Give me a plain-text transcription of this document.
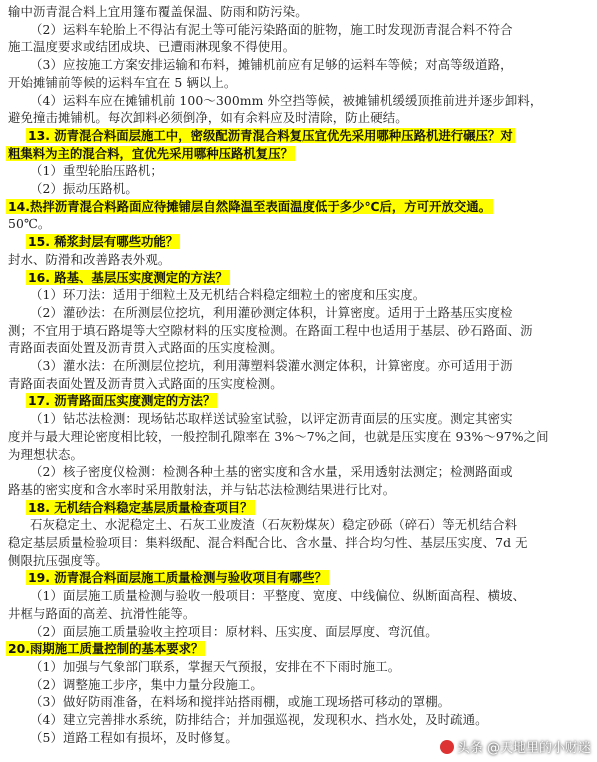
输中沥青混合料上宜用篷布覆盖保温、防雨和防污染。
（2）运料车轮胎上不得沾有泥土等可能污染路面的脏物，施工时发现沥青混合料不符合
施工温度要求或结团成块、已遭雨淋现象不得使用。
（3）应按施工方案安排运输和布料，摊铺机前应有足够的运料车等候；对高等级道路，
开始摊铺前等候的运料车宜在 5 辆以上。
（4）运料车应在摊铺机前 100～300mm 外空挡等候，被摊铺机缓缓顶推前进并逐步卸料，
避免撞击摊铺机。每次卸料必须倒净，如有余料应及时清除，防止硬结。
13. 沥青混合料面层施工中，密级配沥青混合料复压宜优先采用哪种压路机进行碾压？对
粗集料为主的混合料，宜优先采用哪种压路机复压？
（1）重型轮胎压路机；
（2）振动压路机。
14.热拌沥青混合料路面应待摊铺层自然降温至表面温度低于多少℃后，方可开放交通。
50℃。
15. 稀浆封层有哪些功能？
封水、防滑和改善路表外观。
16. 路基、基层压实度测定的方法？
（1）环刀法：适用于细粒土及无机结合料稳定细粒土的密度和压实度。
（2）灌砂法：在所测层位挖坑，利用灌砂测定体积，计算密度。适用于土路基压实度检
测；不宜用于填石路堤等大空隙材料的压实度检测。在路面工程中也适用于基层、砂石路面、沥
青路面表面处置及沥青贯入式路面的压实度检测。
（3）灌水法：在所测层位挖坑，利用薄塑料袋灌水测定体积，计算密度。亦可适用于沥
青路面表面处置及沥青贯入式路面的压实度检测。
17. 沥青路面压实度测定的方法？
（1）钻芯法检测：现场钻芯取样送试验室试验，以评定沥青面层的压实度。测定其密实
度并与最大理论密度相比较，一般控制孔隙率在 3%～7%之间，也就是压实度在 93%～97%之间
为理想状态。
（2）核子密度仪检测：检测各种土基的密实度和含水量，采用透射法测定；检测路面或
路基的密实度和含水率时采用散射法，并与钻芯法检测结果进行比对。
18. 无机结合料稳定基层质量检查项目？
石灰稳定土、水泥稳定土、石灰工业废渣（石灰粉煤灰）稳定砂砾（碎石）等无机结合料
稳定基层质量检验项目：集料级配、混合料配合比、含水量、拌合均匀性、基层压实度、7d 无
侧限抗压强度等。
19. 沥青混合料面层施工质量检测与验收项目有哪些？
（1）面层施工质量检测与验收一般项目：平整度、宽度、中线偏位、纵断面高程、横坡、
井框与路面的高差、抗滑性能等。
（2）面层施工质量验收主控项目：原材料、压实度、面层厚度、弯沉值。
20.雨期施工质量控制的基本要求？
（1）加强与气象部门联系，掌握天气预报，安排在不下雨时施工。
（2）调整施工步序，集中力量分段施工。
（3）做好防雨准备，在料场和搅拌站搭雨棚，或施工现场搭可移动的罩棚。
（4）建立完善排水系统，防排结合；并加强巡视，发现积水、挡水处，及时疏通。
（5）道路工程如有损坏，及时修复。
头条 @天地里的小财迷
